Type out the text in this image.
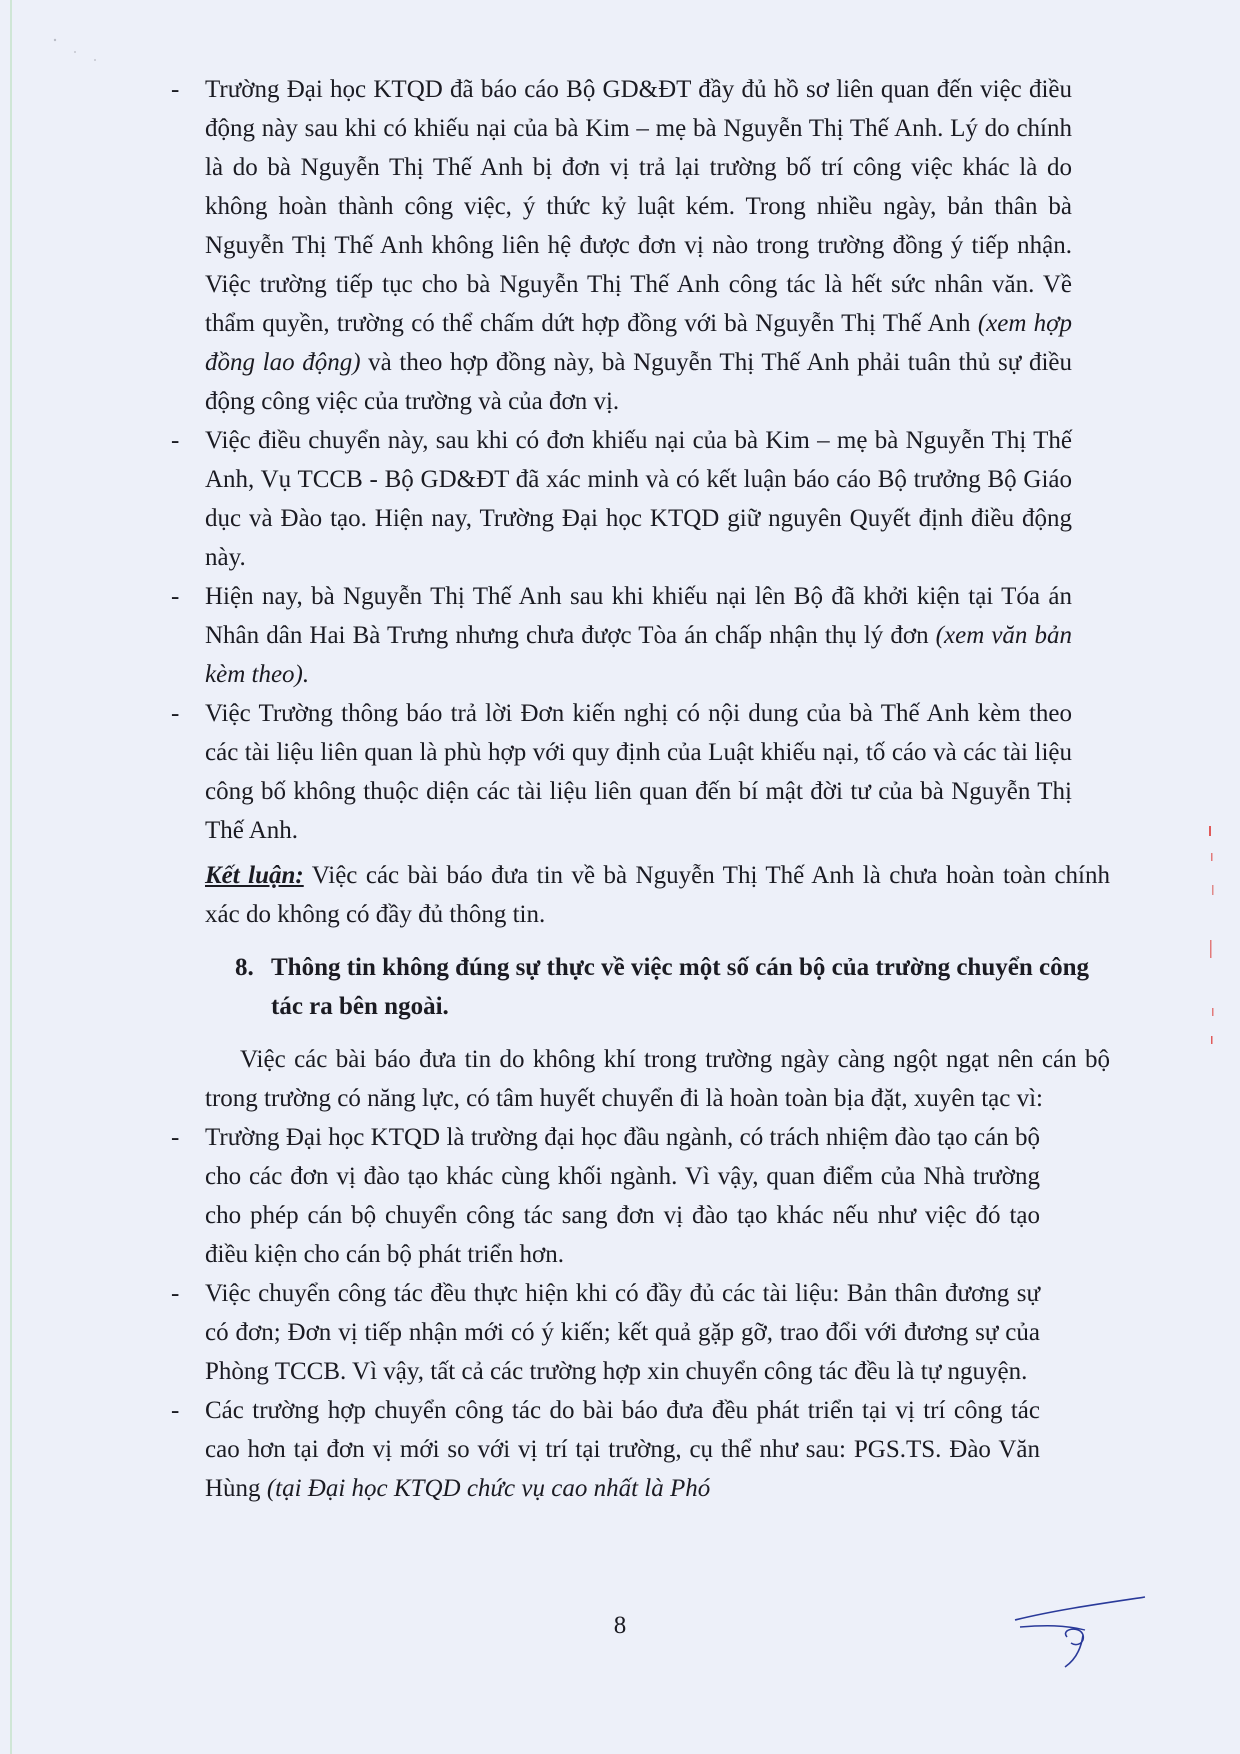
- Trường Đại học KTQD đã báo cáo Bộ GD&ĐT đầy đủ hồ sơ liên quan đến việc điều động này sau khi có khiếu nại của bà Kim – mẹ bà Nguyễn Thị Thế Anh. Lý do chính là do bà Nguyễn Thị Thế Anh bị đơn vị trả lại trường bố trí công việc khác là do không hoàn thành công việc, ý thức kỷ luật kém. Trong nhiều ngày, bản thân bà Nguyễn Thị Thế Anh không liên hệ được đơn vị nào trong trường đồng ý tiếp nhận. Việc trường tiếp tục cho bà Nguyễn Thị Thế Anh công tác là hết sức nhân văn. Về thẩm quyền, trường có thể chấm dứt hợp đồng với bà Nguyễn Thị Thế Anh (xem hợp đồng lao động) và theo hợp đồng này, bà Nguyễn Thị Thế Anh phải tuân thủ sự điều động công việc của trường và của đơn vị.
- Việc điều chuyển này, sau khi có đơn khiếu nại của bà Kim – mẹ bà Nguyễn Thị Thế Anh, Vụ TCCB - Bộ GD&ĐT đã xác minh và có kết luận báo cáo Bộ trưởng Bộ Giáo dục và Đào tạo. Hiện nay, Trường Đại học KTQD giữ nguyên Quyết định điều động này.
- Hiện nay, bà Nguyễn Thị Thế Anh sau khi khiếu nại lên Bộ đã khởi kiện tại Tóa án Nhân dân Hai Bà Trưng nhưng chưa được Tòa án chấp nhận thụ lý đơn (xem văn bản kèm theo).
- Việc Trường thông báo trả lời Đơn kiến nghị có nội dung của bà Thế Anh kèm theo các tài liệu liên quan là phù hợp với quy định của Luật khiếu nại, tố cáo và các tài liệu công bố không thuộc diện các tài liệu liên quan đến bí mật đời tư của bà Nguyễn Thị Thế Anh.

Kết luận: Việc các bài báo đưa tin về bà Nguyễn Thị Thế Anh là chưa hoàn toàn chính xác do không có đầy đủ thông tin.

8. Thông tin không đúng sự thực về việc một số cán bộ của trường chuyển công tác ra bên ngoài.

Việc các bài báo đưa tin do không khí trong trường ngày càng ngột ngạt nên cán bộ trong trường có năng lực, có tâm huyết chuyển đi là hoàn toàn bịa đặt, xuyên tạc vì:

- Trường Đại học KTQD là trường đại học đầu ngành, có trách nhiệm đào tạo cán bộ cho các đơn vị đào tạo khác cùng khối ngành. Vì vậy, quan điểm của Nhà trường cho phép cán bộ chuyển công tác sang đơn vị đào tạo khác nếu như việc đó tạo điều kiện cho cán bộ phát triển hơn.
- Việc chuyển công tác đều thực hiện khi có đầy đủ các tài liệu: Bản thân đương sự có đơn; Đơn vị tiếp nhận mới có ý kiến; kết quả gặp gỡ, trao đổi với đương sự của Phòng TCCB. Vì vậy, tất cả các trường hợp xin chuyển công tác đều là tự nguyện.
- Các trường hợp chuyển công tác do bài báo đưa đều phát triển tại vị trí công tác cao hơn tại đơn vị mới so với vị trí tại trường, cụ thể như sau: PGS.TS. Đào Văn Hùng (tại Đại học KTQD chức vụ cao nhất là Phó
8
